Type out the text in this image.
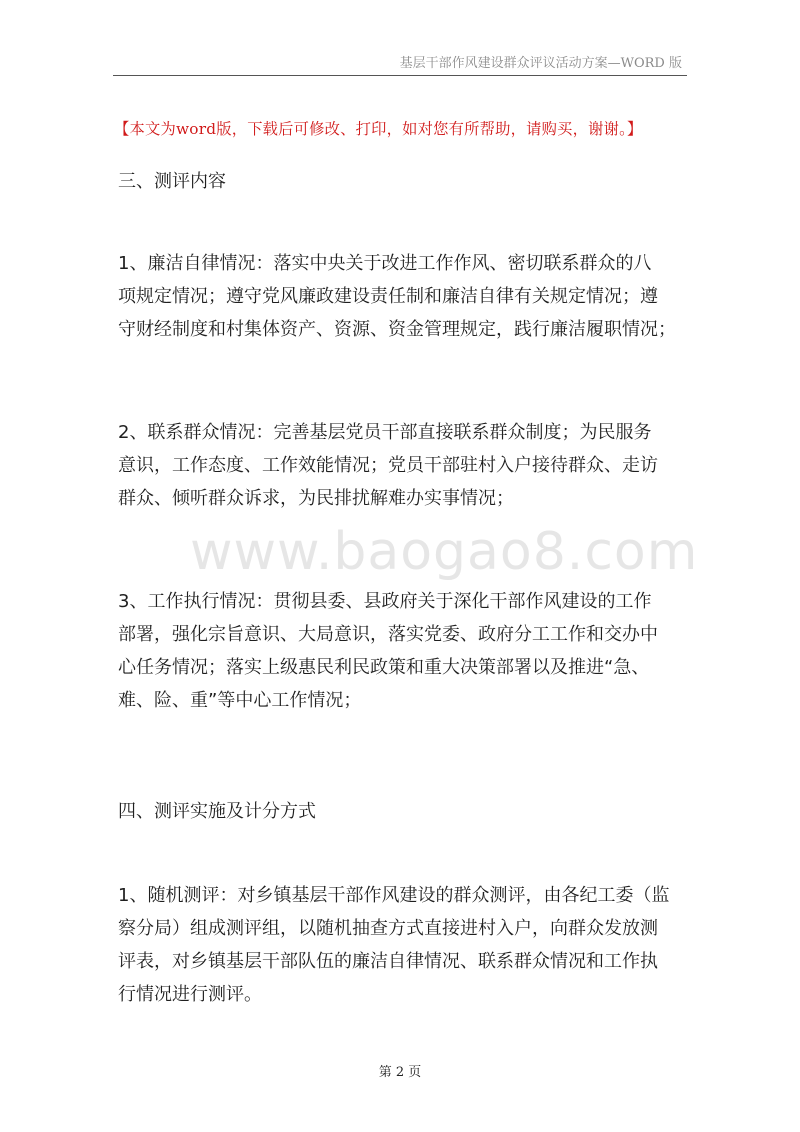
基层干部作风建设群众评议活动方案—WORD 版
【本文为word版，下载后可修改、打印，如对您有所帮助，请购买，谢谢。】

三、测评内容

1、廉洁自律情况：落实中央关于改进工作作风、密切联系群众的八
项规定情况；遵守党风廉政建设责任制和廉洁自律有关规定情况；遵
守财经制度和村集体资产、资源、资金管理规定，践行廉洁履职情况；

2、联系群众情况：完善基层党员干部直接联系群众制度；为民服务
意识，工作态度、工作效能情况；党员干部驻村入户接待群众、走访
群众、倾听群众诉求，为民排扰解难办实事情况；

www.baogao8.com

3、工作执行情况：贯彻县委、县政府关于深化干部作风建设的工作
部署，强化宗旨意识、大局意识，落实党委、政府分工工作和交办中
心任务情况；落实上级惠民利民政策和重大决策部署以及推进“急、
难、险、重”等中心工作情况；

四、测评实施及计分方式

1、随机测评：对乡镇基层干部作风建设的群众测评，由各纪工委（监
察分局）组成测评组，以随机抽查方式直接进村入户，向群众发放测
评表，对乡镇基层干部队伍的廉洁自律情况、联系群众情况和工作执
行情况进行测评。

第 2 页
